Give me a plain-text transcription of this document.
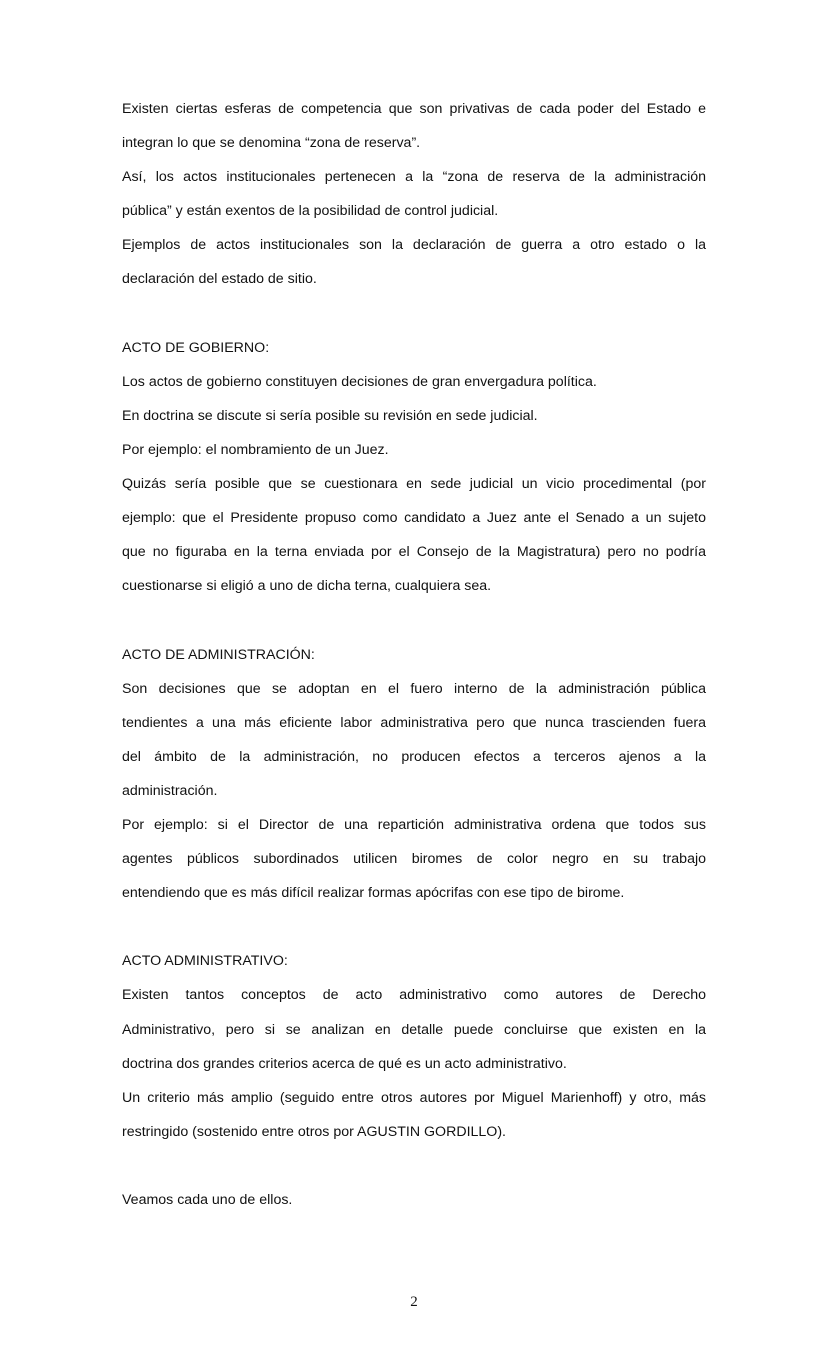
Existen ciertas esferas de competencia que son privativas de cada poder del Estado e

integran lo que se denomina “zona de reserva”.

Así, los actos institucionales pertenecen a la “zona de reserva de la administración

pública” y están exentos de la posibilidad de control judicial.

Ejemplos de actos institucionales son la declaración de guerra a otro estado o la

declaración del estado de sitio.

ACTO DE GOBIERNO:

Los actos de gobierno constituyen decisiones de gran envergadura política.

En doctrina se discute si sería posible su revisión en sede judicial.

Por ejemplo: el nombramiento de un Juez.

Quizás sería posible que se cuestionara en sede judicial un vicio procedimental (por

ejemplo: que el Presidente propuso como candidato a Juez ante el Senado a un sujeto

que no figuraba en la terna enviada por el Consejo de la Magistratura) pero no podría

cuestionarse si eligió a uno de dicha terna, cualquiera sea.

ACTO DE ADMINISTRACIÓN:

Son decisiones que se adoptan en el fuero interno de la administración pública

tendientes a una más eficiente labor administrativa pero que nunca trascienden fuera

del ámbito de la administración, no producen efectos a terceros ajenos a la

administración.

Por ejemplo: si el Director de una repartición administrativa ordena que todos sus

agentes públicos subordinados utilicen biromes de color negro en su trabajo

entendiendo que es más difícil realizar formas apócrifas con ese tipo de birome.

ACTO ADMINISTRATIVO:

Existen tantos conceptos de acto administrativo como autores de Derecho

Administrativo, pero si se analizan en detalle puede concluirse que existen en la

doctrina dos grandes criterios acerca de qué es un acto administrativo.

Un criterio más amplio (seguido entre otros autores por Miguel Marienhoff) y otro, más

restringido (sostenido entre otros por AGUSTIN GORDILLO).

Veamos cada uno de ellos.

2
